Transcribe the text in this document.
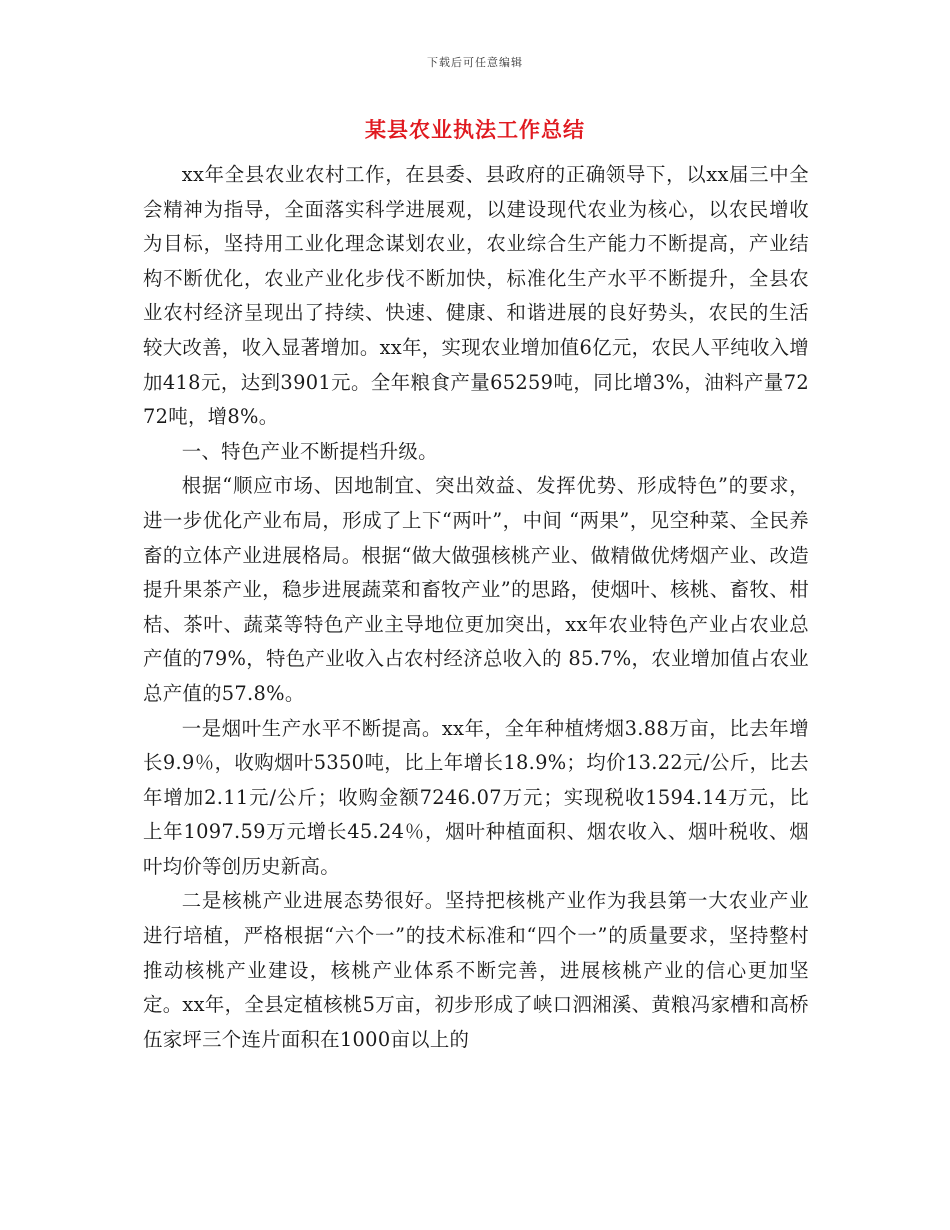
下载后可任意编辑
某县农业执法工作总结

xx年全县农业农村工作，在县委、县政府的正确领导下，以xx届三中全会精神为指导，全面落实科学进展观，以建设现代农业为核心，以农民增收为目标，坚持用工业化理念谋划农业，农业综合生产能力不断提高，产业结构不断优化，农业产业化步伐不断加快，标准化生产水平不断提升，全县农业农村经济呈现出了持续、快速、健康、和谐进展的良好势头，农民的生活较大改善，收入显著增加。xx年，实现农业增加值6亿元，农民人平纯收入增加418元，达到3901元。全年粮食产量65259吨，同比增3%，油料产量7272吨，增8%。

一、特色产业不断提档升级。

根据“顺应市场、因地制宜、突出效益、发挥优势、形成特色”的要求，进一步优化产业布局，形成了上下“两叶”，中间 “两果”，见空种菜、全民养畜的立体产业进展格局。根据“做大做强核桃产业、做精做优烤烟产业、改造提升果茶产业，稳步进展蔬菜和畜牧产业”的思路，使烟叶、核桃、畜牧、柑桔、茶叶、蔬菜等特色产业主导地位更加突出，xx年农业特色产业占农业总产值的79%，特色产业收入占农村经济总收入的 85.7%，农业增加值占农业总产值的57.8%。

一是烟叶生产水平不断提高。xx年，全年种植烤烟3.88万亩，比去年增长9.9％，收购烟叶5350吨，比上年增长18.9%；均价13.22元/公斤，比去年增加2.11元/公斤；收购金额7246.07万元；实现税收1594.14万元，比上年1097.59万元增长45.24％，烟叶种植面积、烟农收入、烟叶税收、烟叶均价等创历史新高。

二是核桃产业进展态势很好。坚持把核桃产业作为我县第一大农业产业进行培植，严格根据“六个一”的技术标准和“四个一”的质量要求，坚持整村推动核桃产业建设，核桃产业体系不断完善，进展核桃产业的信心更加坚定。xx年，全县定植核桃5万亩，初步形成了峡口泗湘溪、黄粮冯家槽和高桥伍家坪三个连片面积在1000亩以上的
